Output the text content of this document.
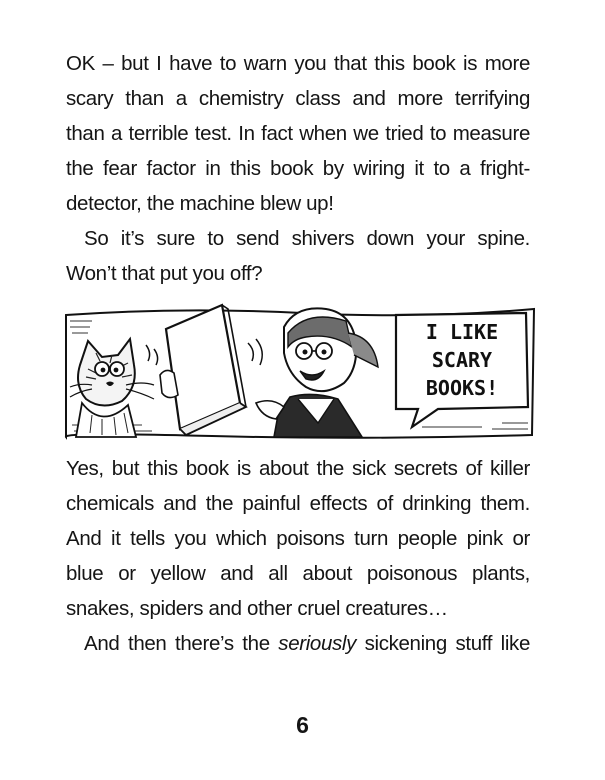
OK – but I have to warn you that this book is more
scary than a chemistry class and more terrifying
than a terrible test. In fact when we tried to measure
the fear factor in this book by wiring it to a fright-
detector, the machine blew up!
So it’s sure to send shivers down your spine.
Won’t that put you off?
I LIKE
SCARY
BOOKS!
Yes, but this book is about the sick secrets of killer
chemicals and the painful effects of drinking them.
And it tells you which poisons turn people pink or
blue or yellow and all about poisonous plants,
snakes, spiders and other cruel creatures…
And then there’s the seriously sickening stuff like
6
